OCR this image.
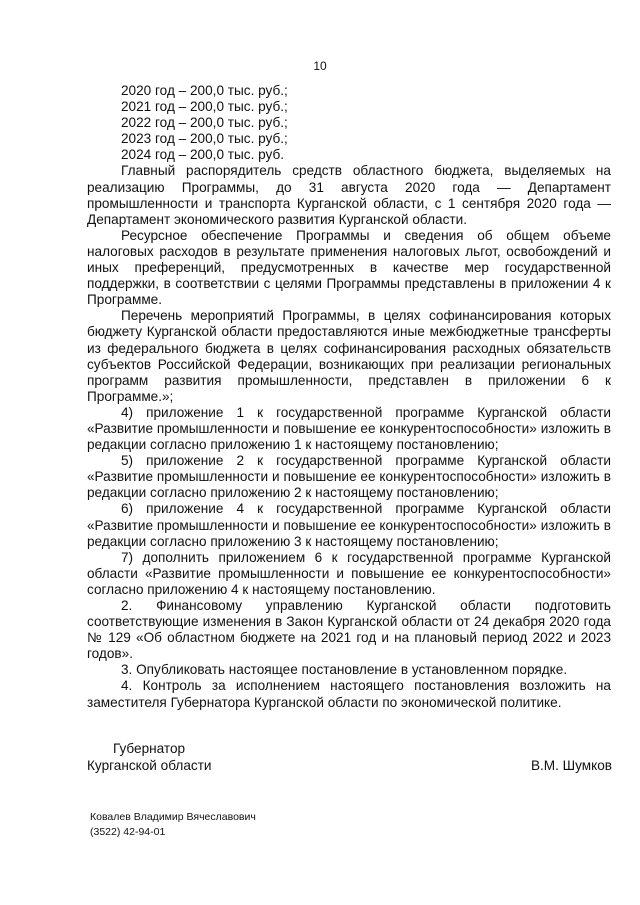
10
2020 год – 200,0 тыс. руб.;
2021 год – 200,0 тыс. руб.;
2022 год – 200,0 тыс. руб.;
2023 год – 200,0 тыс. руб.;
2024 год – 200,0 тыс. руб.

Главный распорядитель средств областного бюджета, выделяемых на реализацию Программы, до 31 августа 2020 года — Департамент промышленности и транспорта Курганской области, с 1 сентября 2020 года — Департамент экономического развития Курганской области.

Ресурсное обеспечение Программы и сведения об общем объеме налоговых расходов в результате применения налоговых льгот, освобождений и иных преференций, предусмотренных в качестве мер государственной поддержки, в соответствии с целями Программы представлены в приложении 4 к Программе.

Перечень мероприятий Программы, в целях софинансирования которых бюджету Курганской области предоставляются иные межбюджетные трансферты из федерального бюджета в целях софинансирования расходных обязательств субъектов Российской Федерации, возникающих при реализации региональных программ развития промышленности, представлен в приложении 6 к Программе.»;

4) приложение 1 к государственной программе Курганской области «Развитие промышленности и повышение ее конкурентоспособности» изложить в редакции согласно приложению 1 к настоящему постановлению;

5) приложение 2 к государственной программе Курганской области «Развитие промышленности и повышение ее конкурентоспособности» изложить в редакции согласно приложению 2 к настоящему постановлению;

6) приложение 4 к государственной программе Курганской области «Развитие промышленности и повышение ее конкурентоспособности» изложить в редакции согласно приложению 3 к настоящему постановлению;

7) дополнить приложением 6 к государственной программе Курганской области «Развитие промышленности и повышение ее конкурентоспособности» согласно приложению 4 к настоящему постановлению.

2. Финансовому управлению Курганской области подготовить соответствующие изменения в Закон Курганской области от 24 декабря 2020 года № 129 «Об областном бюджете на 2021 год и на плановый период 2022 и 2023 годов».

3. Опубликовать настоящее постановление в установленном порядке.

4. Контроль за исполнением настоящего постановления возложить на заместителя Губернатора Курганской области по экономической политике.

Губернатор
Курганской области	В.М. Шумков
Ковалев Владимир Вячеславович
(3522) 42-94-01
